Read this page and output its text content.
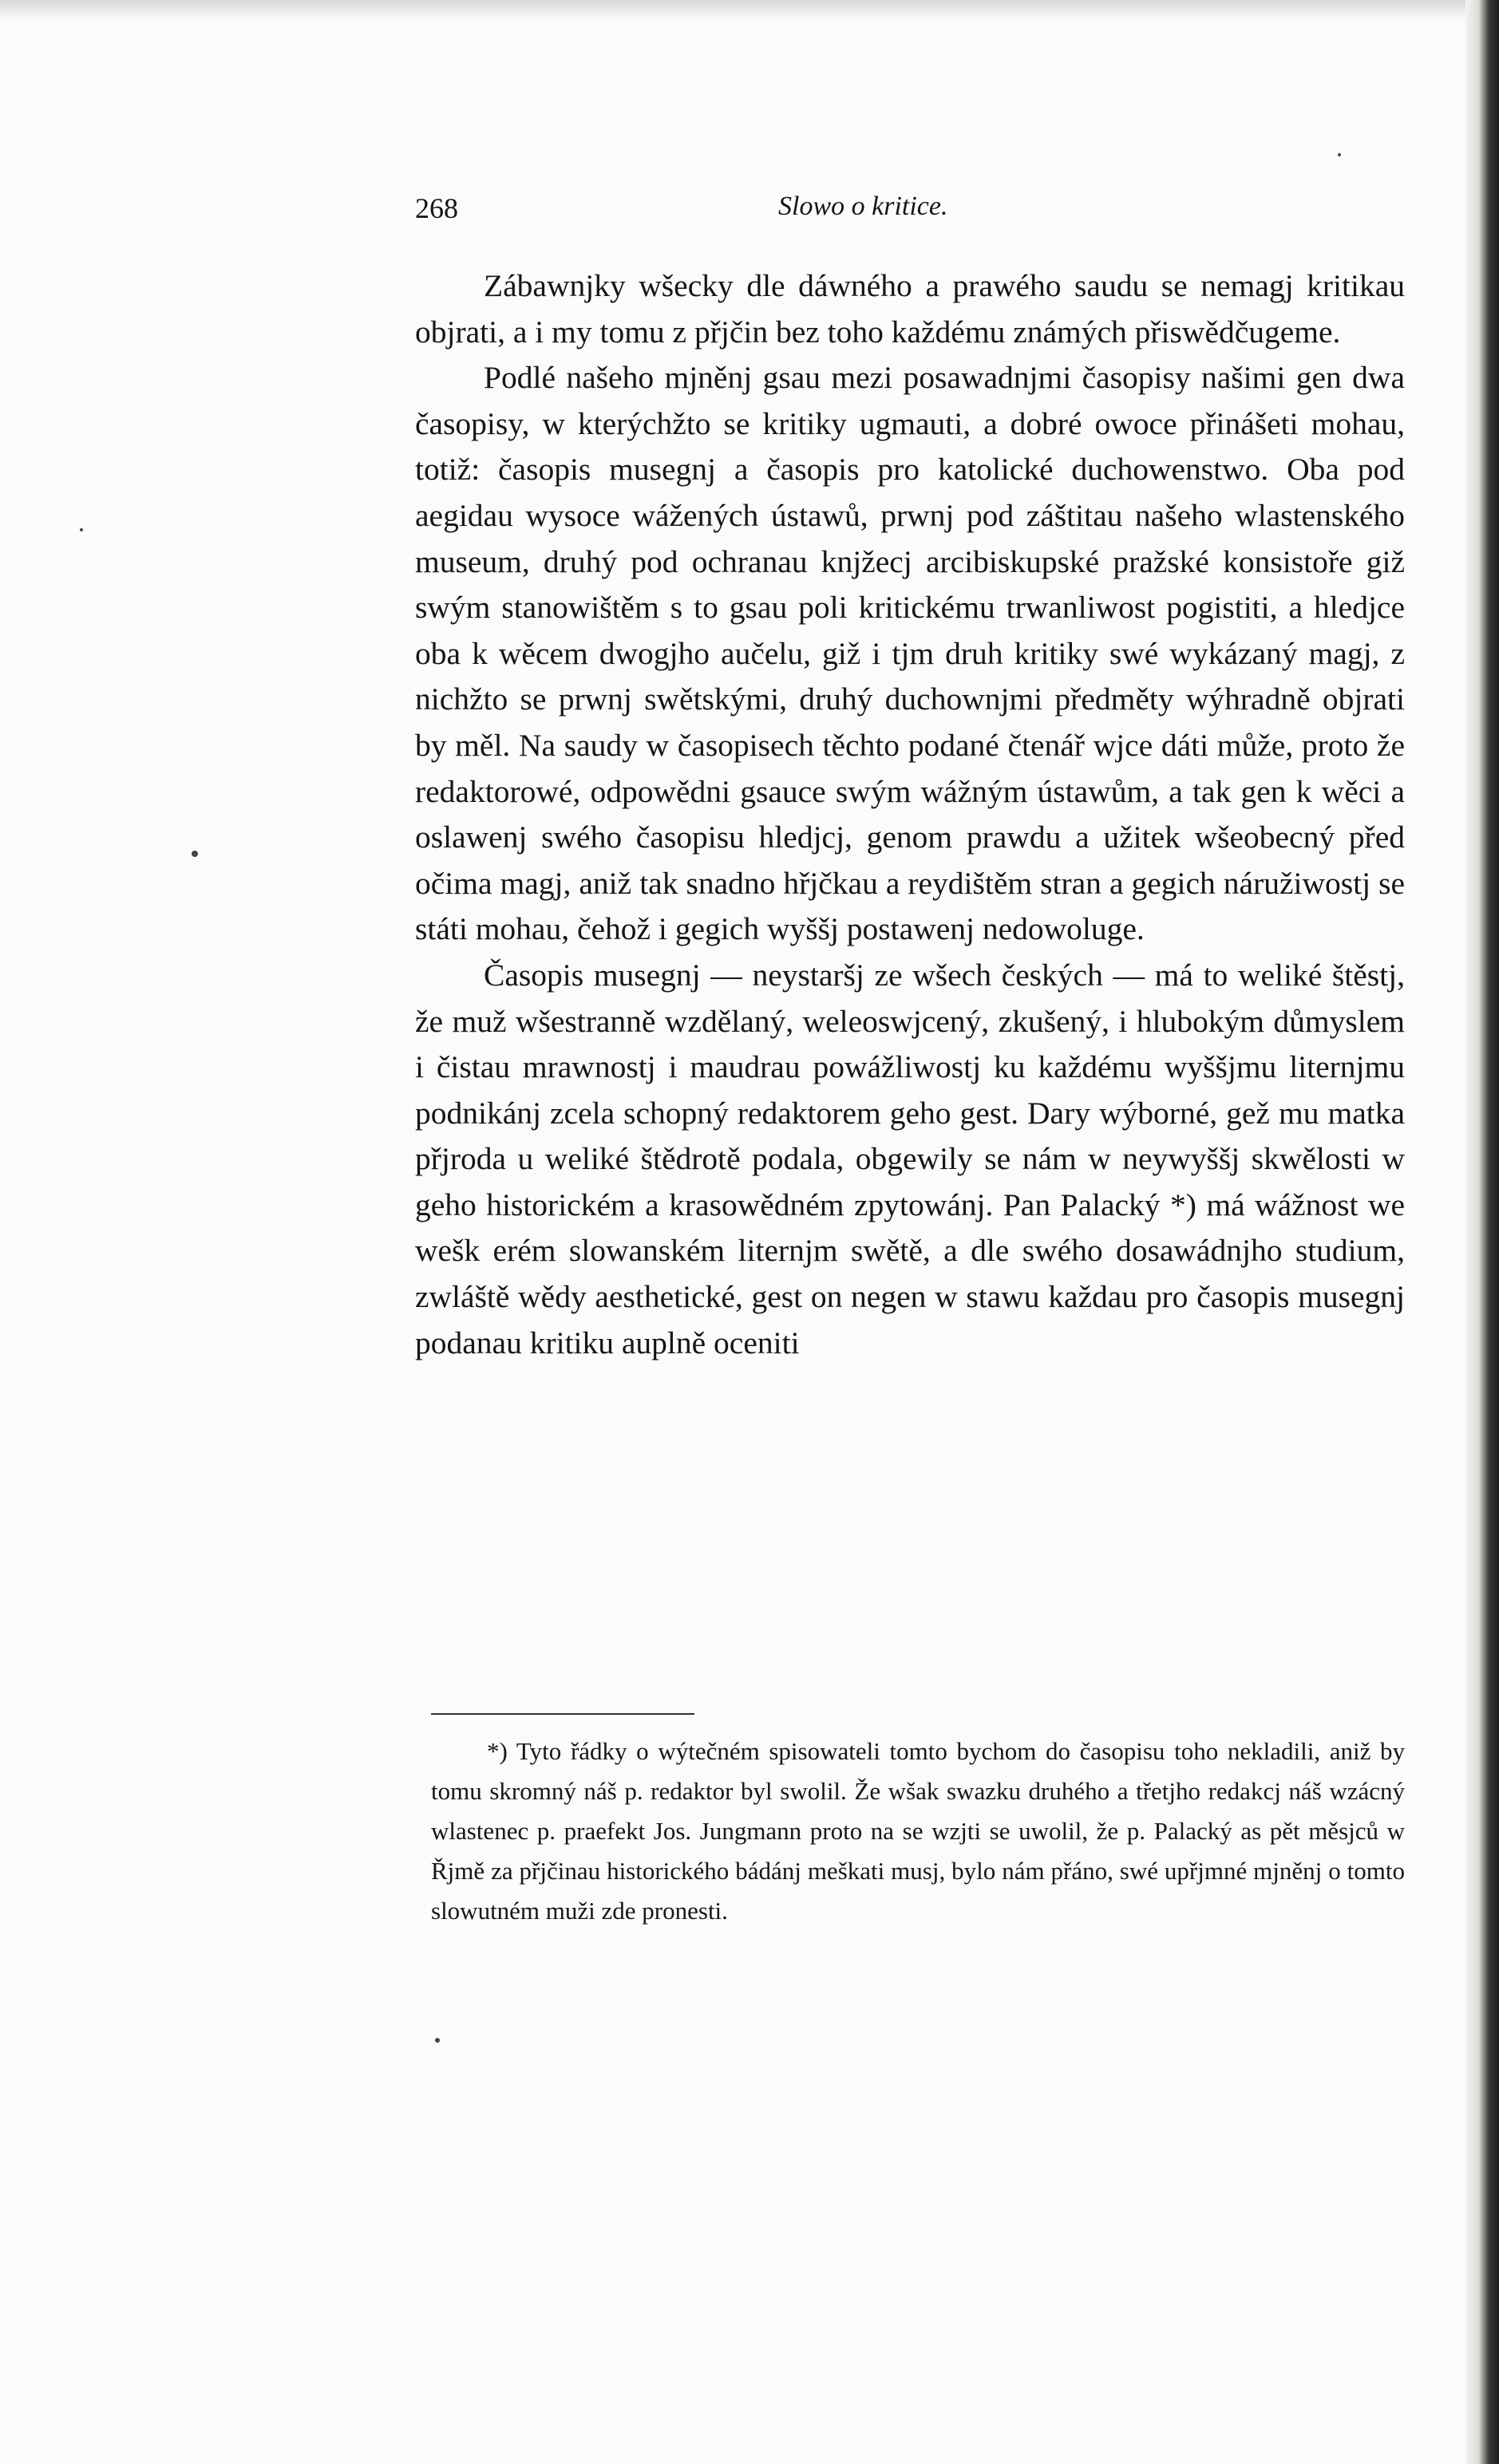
268	Slowo o kritice.

Zábawnjky wšecky dle dáwného a prawého saudu se nemagj kritikau objrati, a i my tomu z přjčin bez toho každému známých přiswědčugeme.

Podlé našeho mjněnj gsau mezi posawadnjmi časopisy našimi gen dwa časopisy, w kterýchžto se kritiky ugmauti, a dobré owoce přinášeti mohau, totiž: časopis musegnj a časopis pro katolické duchowenstwo. Oba pod aegidau wysoce wážených ústawů, prwnj pod záštitau našeho wlastenského museum, druhý pod ochranau knjžecj arcibiskupské pražské konsistoře giž swým stanowištěm s to gsau poli kritickému trwanliwost pogistiti, a hledjce oba k wěcem dwogjho aučelu, giž i tjm druh kritiky swé wykázaný magj, z nichžto se prwnj swětskými, druhý duchownjmi předměty wýhradně objrati by měl. Na saudy w časopisech těchto podané čtenář wjce dáti může, proto že redaktorowé, odpowědni gsauce swým wážným ústawům, a tak gen k wěci a oslawenj swého časopisu hledjcj, genom prawdu a užitek wšeobecný před očima magj, aniž tak snadno hřjčkau a reydištěm stran a gegich náružiwostj se státi mohau, čehož i gegich wyššj postawenj nedowoluge.

Časopis musegnj — neystaršj ze wšech českých — má to weliké štěstj, že muž wšestranně wzdělaný, weleoswjcený, zkušený, i hlubokým důmyslem i čistau mrawnostj i maudrau powážliwostj ku každému wyššjmu liternjmu podnikánj zcela schopný redaktorem geho gest. Dary wýborné, gež mu matka přjroda u weliké štědrotě podala, obgewily se nám w neywyššj skwělosti w geho historickém a krasowědném zpytowánj. Pan Palacký *) má wážnost we wešk erém slowanském liternjm swětě, a dle swého dosawádnjho studium, zwláště wědy aesthetické, gest on negen w stawu každau pro časopis musegnj podanau kritiku auplně oceniti

*) Tyto řádky o wýtečném spisowateli tomto bychom do časopisu toho nekladili, aniž by tomu skromný náš p. redaktor byl swolil. Že wšak swazku druhého a třetjho redakcj náš wzácný wlastenec p. praefekt Jos. Jungmann proto na se wzjti se uwolil, že p. Palacký as pět měsjců w Řjmě za přjčinau historického bádánj meškati musj, bylo nám přáno, swé upřjmné mjněnj o tomto slowutném muži zde pronesti.
